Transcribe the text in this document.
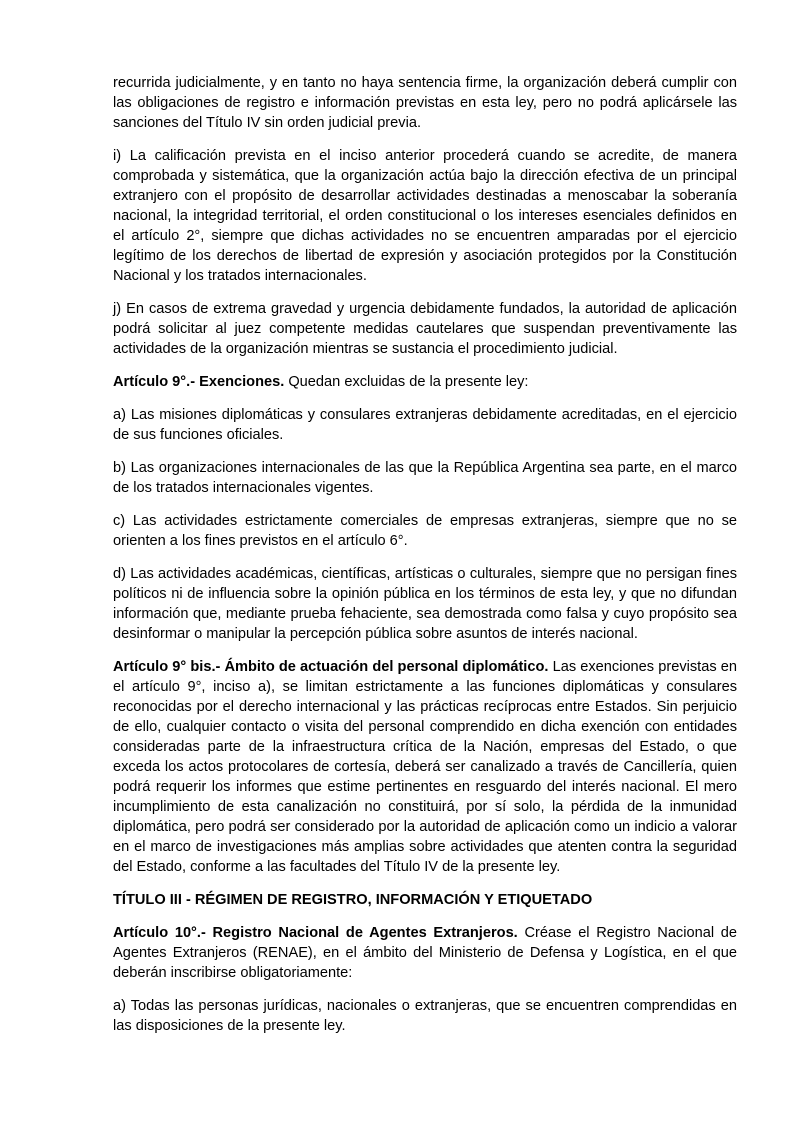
recurrida judicialmente, y en tanto no haya sentencia firme, la organización deberá cumplir con las obligaciones de registro e información previstas en esta ley, pero no podrá aplicársele las sanciones del Título IV sin orden judicial previa.

i) La calificación prevista en el inciso anterior procederá cuando se acredite, de manera comprobada y sistemática, que la organización actúa bajo la dirección efectiva de un principal extranjero con el propósito de desarrollar actividades destinadas a menoscabar la soberanía nacional, la integridad territorial, el orden constitucional o los intereses esenciales definidos en el artículo 2°, siempre que dichas actividades no se encuentren amparadas por el ejercicio legítimo de los derechos de libertad de expresión y asociación protegidos por la Constitución Nacional y los tratados internacionales.

j) En casos de extrema gravedad y urgencia debidamente fundados, la autoridad de aplicación podrá solicitar al juez competente medidas cautelares que suspendan preventivamente las actividades de la organización mientras se sustancia el procedimiento judicial.

Artículo 9°.- Exenciones. Quedan excluidas de la presente ley:

a) Las misiones diplomáticas y consulares extranjeras debidamente acreditadas, en el ejercicio de sus funciones oficiales.

b) Las organizaciones internacionales de las que la República Argentina sea parte, en el marco de los tratados internacionales vigentes.

c) Las actividades estrictamente comerciales de empresas extranjeras, siempre que no se orienten a los fines previstos en el artículo 6°.

d) Las actividades académicas, científicas, artísticas o culturales, siempre que no persigan fines políticos ni de influencia sobre la opinión pública en los términos de esta ley, y que no difundan información que, mediante prueba fehaciente, sea demostrada como falsa y cuyo propósito sea desinformar o manipular la percepción pública sobre asuntos de interés nacional.

Artículo 9° bis.- Ámbito de actuación del personal diplomático. Las exenciones previstas en el artículo 9°, inciso a), se limitan estrictamente a las funciones diplomáticas y consulares reconocidas por el derecho internacional y las prácticas recíprocas entre Estados. Sin perjuicio de ello, cualquier contacto o visita del personal comprendido en dicha exención con entidades consideradas parte de la infraestructura crítica de la Nación, empresas del Estado, o que exceda los actos protocolares de cortesía, deberá ser canalizado a través de Cancillería, quien podrá requerir los informes que estime pertinentes en resguardo del interés nacional. El mero incumplimiento de esta canalización no constituirá, por sí solo, la pérdida de la inmunidad diplomática, pero podrá ser considerado por la autoridad de aplicación como un indicio a valorar en el marco de investigaciones más amplias sobre actividades que atenten contra la seguridad del Estado, conforme a las facultades del Título IV de la presente ley.

TÍTULO III - RÉGIMEN DE REGISTRO, INFORMACIÓN Y ETIQUETADO

Artículo 10°.- Registro Nacional de Agentes Extranjeros. Créase el Registro Nacional de Agentes Extranjeros (RENAE), en el ámbito del Ministerio de Defensa y Logística, en el que deberán inscribirse obligatoriamente:

a) Todas las personas jurídicas, nacionales o extranjeras, que se encuentren comprendidas en las disposiciones de la presente ley.
